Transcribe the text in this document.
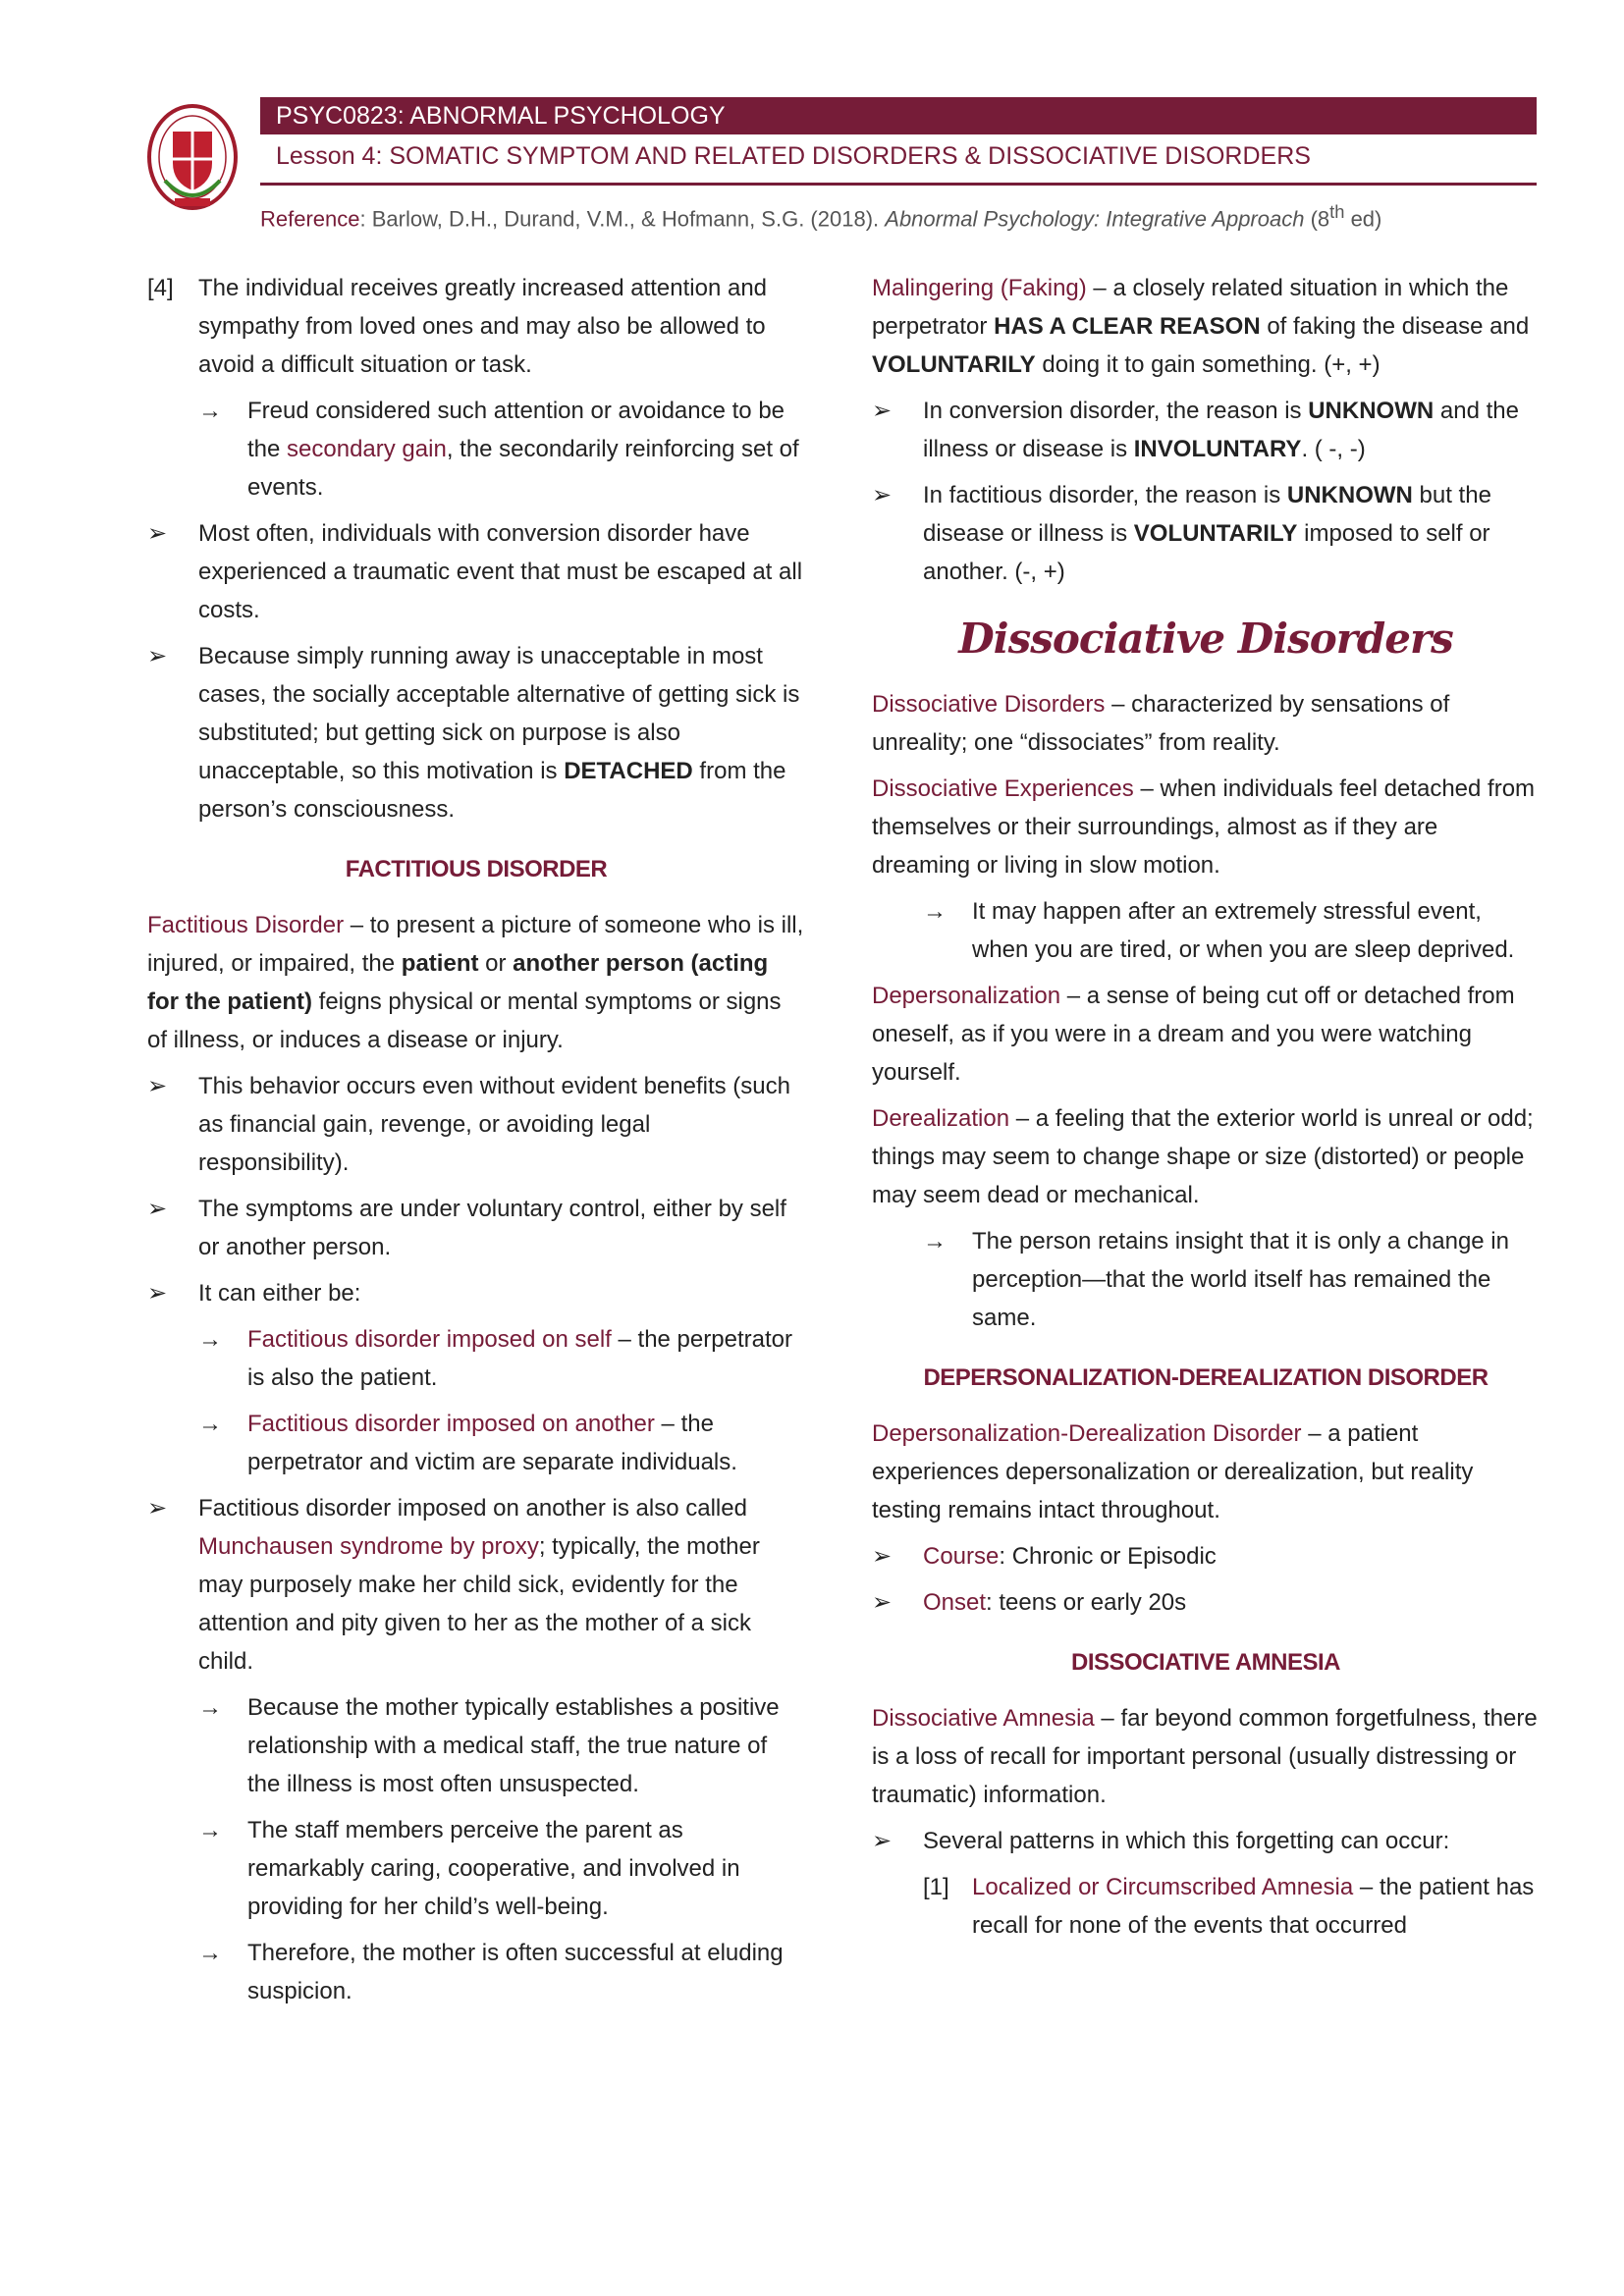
PSYC0823: ABNORMAL PSYCHOLOGY
Lesson 4: SOMATIC SYMPTOM AND RELATED DISORDERS & DISSOCIATIVE DISORDERS
Reference: Barlow, D.H., Durand, V.M., & Hofmann, S.G. (2018). Abnormal Psychology: Integrative Approach (8th ed)
[4] The individual receives greatly increased attention and sympathy from loved ones and may also be allowed to avoid a difficult situation or task.
→ Freud considered such attention or avoidance to be the secondary gain, the secondarily reinforcing set of events.
➢ Most often, individuals with conversion disorder have experienced a traumatic event that must be escaped at all costs.
➢ Because simply running away is unacceptable in most cases, the socially acceptable alternative of getting sick is substituted; but getting sick on purpose is also unacceptable, so this motivation is DETACHED from the person’s consciousness.
FACTITIOUS DISORDER
Factitious Disorder – to present a picture of someone who is ill, injured, or impaired, the patient or another person (acting for the patient) feigns physical or mental symptoms or signs of illness, or induces a disease or injury.
➢ This behavior occurs even without evident benefits (such as financial gain, revenge, or avoiding legal responsibility).
➢ The symptoms are under voluntary control, either by self or another person.
➢ It can either be:
→ Factitious disorder imposed on self – the perpetrator is also the patient.
→ Factitious disorder imposed on another – the perpetrator and victim are separate individuals.
➢ Factitious disorder imposed on another is also called Munchausen syndrome by proxy; typically, the mother may purposely make her child sick, evidently for the attention and pity given to her as the mother of a sick child.
→ Because the mother typically establishes a positive relationship with a medical staff, the true nature of the illness is most often unsuspected.
→ The staff members perceive the parent as remarkably caring, cooperative, and involved in providing for her child’s well-being.
→ Therefore, the mother is often successful at eluding suspicion.
Malingering (Faking) – a closely related situation in which the perpetrator HAS A CLEAR REASON of faking the disease and VOLUNTARILY doing it to gain something. (+, +)
➢ In conversion disorder, the reason is UNKNOWN and the illness or disease is INVOLUNTARY. ( -, -)
➢ In factitious disorder, the reason is UNKNOWN but the disease or illness is VOLUNTARILY imposed to self or another. (-, +)
Dissociative Disorders
Dissociative Disorders – characterized by sensations of unreality; one “dissociates” from reality.
Dissociative Experiences – when individuals feel detached from themselves or their surroundings, almost as if they are dreaming or living in slow motion.
→ It may happen after an extremely stressful event, when you are tired, or when you are sleep deprived.
Depersonalization – a sense of being cut off or detached from oneself, as if you were in a dream and you were watching yourself.
Derealization – a feeling that the exterior world is unreal or odd; things may seem to change shape or size (distorted) or people may seem dead or mechanical.
→ The person retains insight that it is only a change in perception—that the world itself has remained the same.
DEPERSONALIZATION-DEREALIZATION DISORDER
Depersonalization-Derealization Disorder – a patient experiences depersonalization or derealization, but reality testing remains intact throughout.
➢ Course: Chronic or Episodic
➢ Onset: teens or early 20s
DISSOCIATIVE AMNESIA
Dissociative Amnesia – far beyond common forgetfulness, there is a loss of recall for important personal (usually distressing or traumatic) information.
➢ Several patterns in which this forgetting can occur:
[1] Localized or Circumscribed Amnesia – the patient has recall for none of the events that occurred
